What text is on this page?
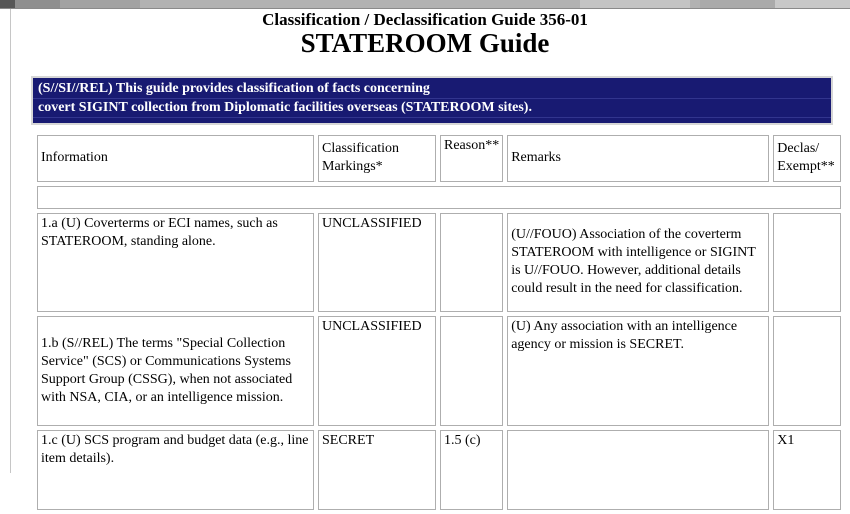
Classification / Declassification Guide 356-01
STATEROOM Guide
(S//SI//REL) This guide provides classification of facts concerning
covert SIGINT collection from Diplomatic facilities overseas (STATEROOM sites).
Information	Classification Markings*	Reason**	Remarks	Declas/ Exempt**
1. GENERAL INFORMATION				
1.a (U) Coverterms or ECI names, such as STATEROOM, standing alone.	UNCLASSIFIED		(U//FOUO) Association of the coverterm STATEROOM with intelligence or SIGINT is U//FOUO. However, additional details could result in the need for classification.	
1.b (S//REL) The terms "Special Collection Service" (SCS) or Communications Systems Support Group (CSSG), when not associated with NSA, CIA, or an intelligence mission.	UNCLASSIFIED		(U) Any association with an intelligence agency or mission is SECRET.	
1.c (U) SCS program and budget data (e.g., line item details).	SECRET	1.5 (c)		X1
